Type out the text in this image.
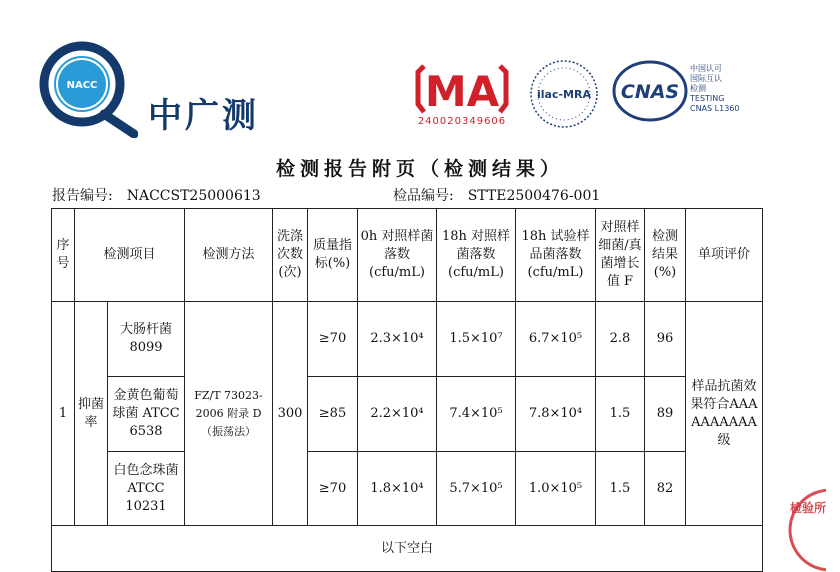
NACC
中广测	MA
240020349606
ilac-MRA CNAS
中国认可
国际互认
检测
TESTING
CNAS L1360
检测报告附页（检测结果）
报告编号:　NACCST25000613	检品编号:　STTE2500476-001
序号	检测项目		检测方法	洗涤次数(次)	质量指标(%)	0h 对照样菌落数(cfu/mL)	18h 对照样菌落数(cfu/mL)	18h 试验样品菌落数(cfu/mL)	对照样细菌/真菌增长值 F	检测结果(%)	单项评价
1	抑菌率	大肠杆菌 8099	FZ/T 73023-2006 附录 D（振荡法）	300	≥70	2.3×10⁴	1.5×10⁷	6.7×10⁵	2.8	96	样品抗菌效果符合AAAAAAAAAA级
		金黄色葡萄球菌 ATCC 6538			≥85	2.2×10⁴	7.4×10⁵	7.8×10⁴	1.5	89	
		白色念珠菌 ATCC 10231			≥70	1.8×10⁴	5.7×10⁵	1.0×10⁵	1.5	82	
以下空白											
检验所
